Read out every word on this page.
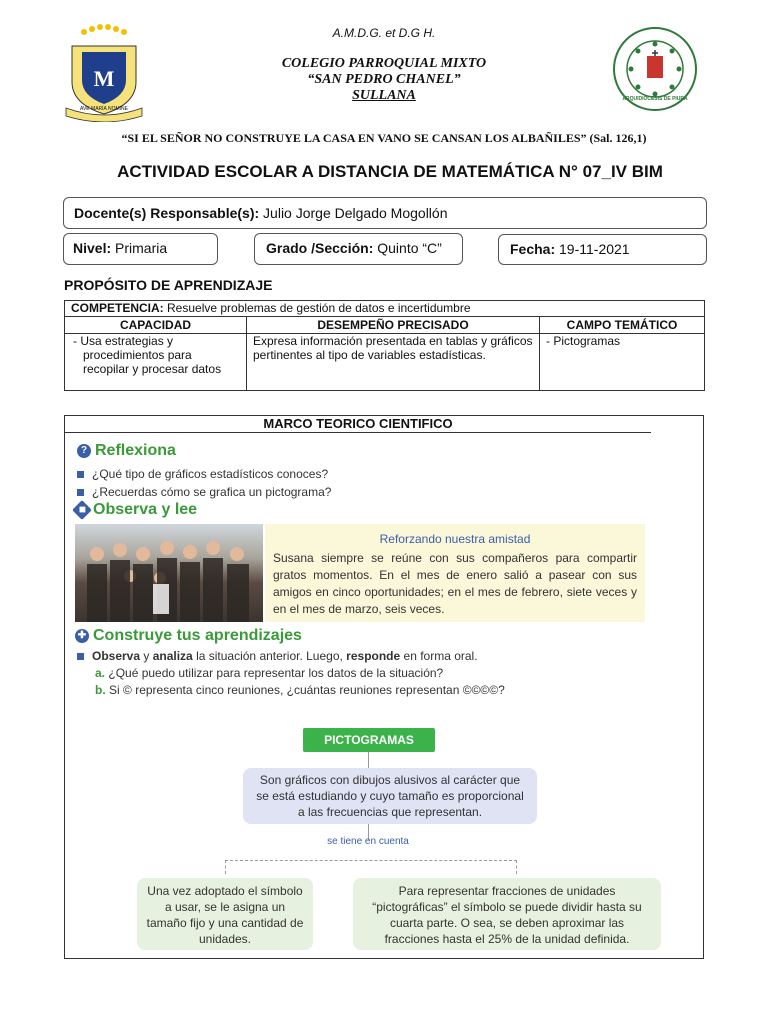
M
AVE MARÍA NOMINE
A.M.D.G. et D.G H.
COLEGIO PARROQUIAL MIXTO
“SAN PEDRO CHANEL”
SULLANA	ARQUIDIÓCESIS DE PIURA
“SI EL SEÑOR NO CONSTRUYE LA CASA EN VANO SE CANSAN LOS ALBAÑILES” (Sal. 126,1)
ACTIVIDAD ESCOLAR A DISTANCIA DE MATEMÁTICA N° 07_IV BIM
Docente(s) Responsable(s): Julio Jorge Delgado Mogollón
Nivel: Primaria	Grado /Sección: Quinto “C”	Fecha: 19-11-2021
PROPÓSITO DE APRENDIZAJE
COMPETENCIA: Resuelve problemas de gestión de datos e incertidumbre
CAPACIDAD	DESEMPEÑO PRECISADO	CAMPO TEMÁTICO
- Usa estrategias y procedimientos para recopilar y procesar datos
Expresa información presentada en tablas y gráficos pertinentes al tipo de variables estadísticas.
- Pictogramas
MARCO TEORICO CIENTIFICO
? Reflexiona
¿Qué tipo de gráficos estadísticos conoces?
¿Recuerdas cómo se grafica un pictograma?
◆ Observa y lee
Reforzando nuestra amistad
Susana siempre se reúne con sus compañeros para compartir gratos momentos. En el mes de enero salió a pasear con sus amigos en cinco oportunidades; en el mes de febrero, siete veces y en el mes de marzo, seis veces.
✚ Construye tus aprendizajes
Observa y analiza la situación anterior. Luego, responde en forma oral.
a. ¿Qué puedo utilizar para representar los datos de la situación?
b. Si © representa cinco reuniones, ¿cuántas reuniones representan ©©©©?
PICTOGRAMAS
Son gráficos con dibujos alusivos al carácter que se está estudiando y cuyo tamaño es proporcional a las frecuencias que representan.
se tiene en cuenta
Una vez adoptado el símbolo a usar, se le asigna un tamaño fijo y una cantidad de unidades.
Para representar fracciones de unidades “pictográficas” el símbolo se puede dividir hasta su cuarta parte. O sea, se deben aproximar las fracciones hasta el 25% de la unidad definida.
